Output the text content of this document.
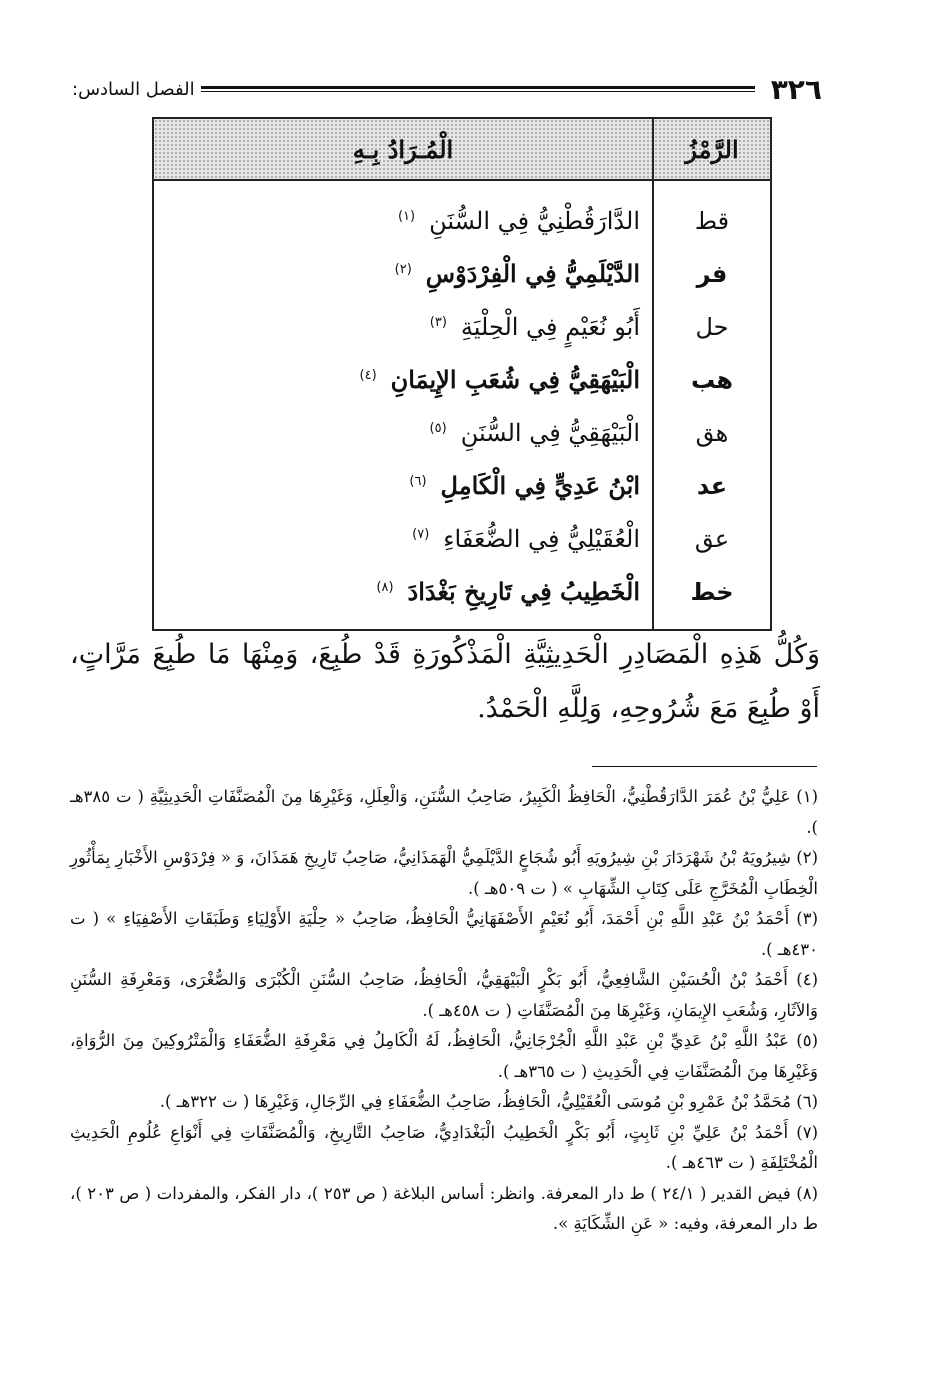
٣٢٦
الفصل السادس:
الرَّمْزُ	الْمُـرَادُ بِـهِ
قط	الدَّارَقُطْنِيُّ فِي السُّنَنِ$^{(١)}$
فر	الدَّيْلَمِيُّ فِي الْفِرْدَوْسِ$^{(٢)}$
حل	أَبُو نُعَيْمٍ فِي الْحِلْيَةِ$^{(٣)}$
هب	الْبَيْهَقِيُّ فِي شُعَبِ الإِيمَانِ$^{(٤)}$
هق	الْبَيْهَقِيُّ فِي السُّنَنِ$^{(٥)}$
عد	ابْنُ عَدِيٍّ فِي الْكَامِلِ$^{(٦)}$
عق	الْعُقَيْلِيُّ فِي الضُّعَفَاءِ$^{(٧)}$
خط	الْخَطِيبُ فِي تَارِيخِ بَغْدَادَ$^{(٨)}$
وَكُلُّ هَذِهِ الْمَصَادِرِ الْحَدِيثِيَّةِ الْمَذْكُورَةِ قَدْ طُبِعَ، وَمِنْهَا مَا طُبِعَ مَرَّاتٍ، أَوْ طُبِعَ مَعَ شُرُوحِهِ، وَلِلَّهِ الْحَمْدُ.

(١) عَلِيُّ بْنُ عُمَرَ الدَّارَقُطْنِيُّ، الْحَافِظُ الْكَبِيرُ، صَاحِبُ السُّنَنِ، وَالْعِلَلِ، وَغَيْرِهَا مِنَ الْمُصَنَّفَاتِ الْحَدِيثِيَّةِ ( ت ٣٨٥هـ ).

(٢) شِيرُويَهُ بْنُ شَهْرَدَارَ بْنِ شِيرُويَهِ أَبُو شُجَاعٍ الدَّيْلَمِيُّ الْهَمَذَانِيُّ، صَاحِبُ تَارِيخِ هَمَذَانَ، وَ « فِرْدَوْسِ الأَخْبَارِ بِمَأْثُورِ الْخِطَابِ الْمُخَرَّجِ عَلَى كِتَابِ الشِّهَابِ » ( ت ٥٠٩هـ ).

(٣) أَحْمَدُ بْنُ عَبْدِ اللَّهِ بْنِ أَحْمَدَ، أَبُو نُعَيْمٍ الأَصْفَهَانِيُّ الْحَافِظُ، صَاحِبُ « حِلْيَةِ الأَوْلِيَاءِ وَطَبَقَاتِ الأَصْفِيَاءِ » ( ت ٤٣٠هـ ).

(٤) أَحْمَدُ بْنُ الْحُسَيْنِ الشَّافِعِيُّ، أَبُو بَكْرٍ الْبَيْهَقِيُّ، الْحَافِظُ، صَاحِبُ السُّنَنِ الْكُبْرَى وَالصُّغْرَى، وَمَعْرِفَةِ السُّنَنِ وَالآثَارِ، وَشُعَبِ الإِيمَانِ، وَغَيْرِهَا مِنَ الْمُصَنَّفَاتِ ( ت ٤٥٨هـ ).

(٥) عَبْدُ اللَّهِ بْنُ عَدِيِّ بْنِ عَبْدِ اللَّهِ الْجُرْجَانِيُّ، الْحَافِظُ، لَهُ الْكَامِلُ فِي مَعْرِفَةِ الضُّعَفَاءِ وَالْمَتْرُوكِينَ مِنَ الرُّوَاةِ، وَغَيْرِهَا مِنَ الْمُصَنَّفَاتِ فِي الْحَدِيثِ ( ت ٣٦٥هـ ).

(٦) مُحَمَّدُ بْنُ عَمْرِو بْنِ مُوسَى الْعُقَيْلِيُّ، الْحَافِظُ، صَاحِبُ الضُّعَفَاءِ فِي الرِّجَالِ، وَغَيْرِهَا ( ت ٣٢٢هـ ).

(٧) أَحْمَدُ بْنُ عَلِيِّ بْنِ ثَابِتٍ، أَبُو بَكْرٍ الْخَطِيبُ الْبَغْدَادِيُّ، صَاحِبُ التَّارِيخِ، وَالْمُصَنَّفَاتِ فِي أَنْوَاعِ عُلُومِ الْحَدِيثِ الْمُخْتَلِفَةِ ( ت ٤٦٣هـ ).

(٨) فيض القدير ( ٢٤/١ ) ط دار المعرفة. وانظر: أساس البلاغة ( ص ٢٥٣ )، دار الفكر، والمفردات ( ص ٢٠٣ )، ط دار المعرفة، وفيه: « عَنِ الشِّكَايَةِ ».
